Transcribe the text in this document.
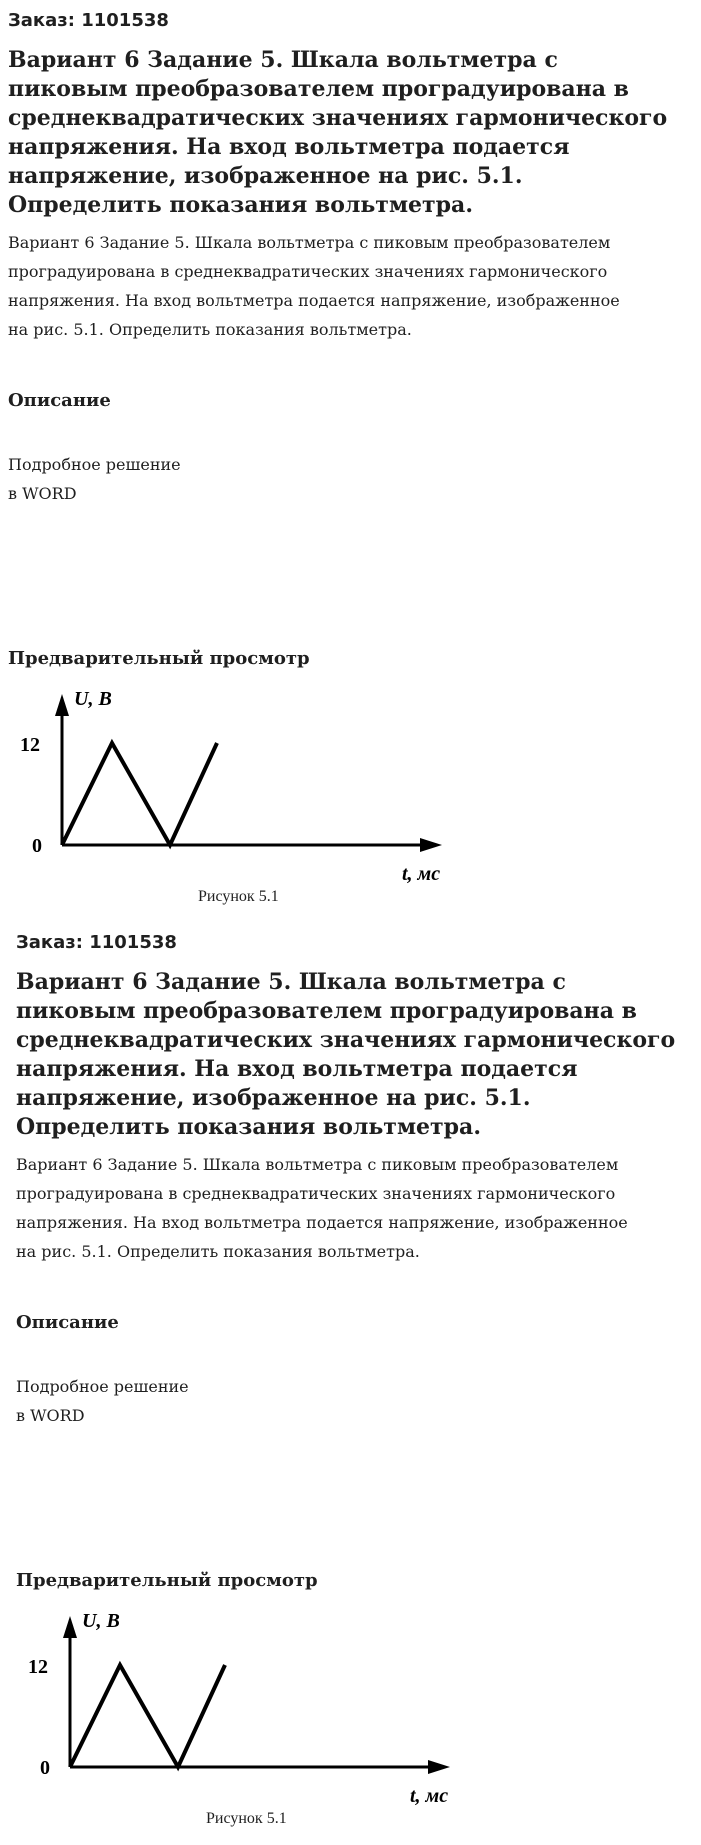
Заказ: 1101538

Вариант 6 Задание 5. Шкала вольтметра с пиковым преобразователем проградуирована в среднеквадратических значениях гармонического напряжения. На вход вольтметра подается напряжение, изображенное на рис. 5.1. Определить показания вольтметра.

Вариант 6 Задание 5. Шкала вольтметра с пиковым преобразователем проградуирована в среднеквадратических значениях гармонического напряжения. На вход вольтметра подается напряжение, изображенное на рис. 5.1. Определить показания вольтметра.

Описание

Подробное решение
в WORD

Предварительный просмотр
U, В
12
0
t, мс

Рисунок 5.1

Заказ: 1101538

Вариант 6 Задание 5. Шкала вольтметра с пиковым преобразователем проградуирована в среднеквадратических значениях гармонического напряжения. На вход вольтметра подается напряжение, изображенное на рис. 5.1. Определить показания вольтметра.

Вариант 6 Задание 5. Шкала вольтметра с пиковым преобразователем проградуирована в среднеквадратических значениях гармонического напряжения. На вход вольтметра подается напряжение, изображенное на рис. 5.1. Определить показания вольтметра.

Описание

Подробное решение
в WORD

Предварительный просмотр
U, В
12
0
t, мс

Рисунок 5.1
